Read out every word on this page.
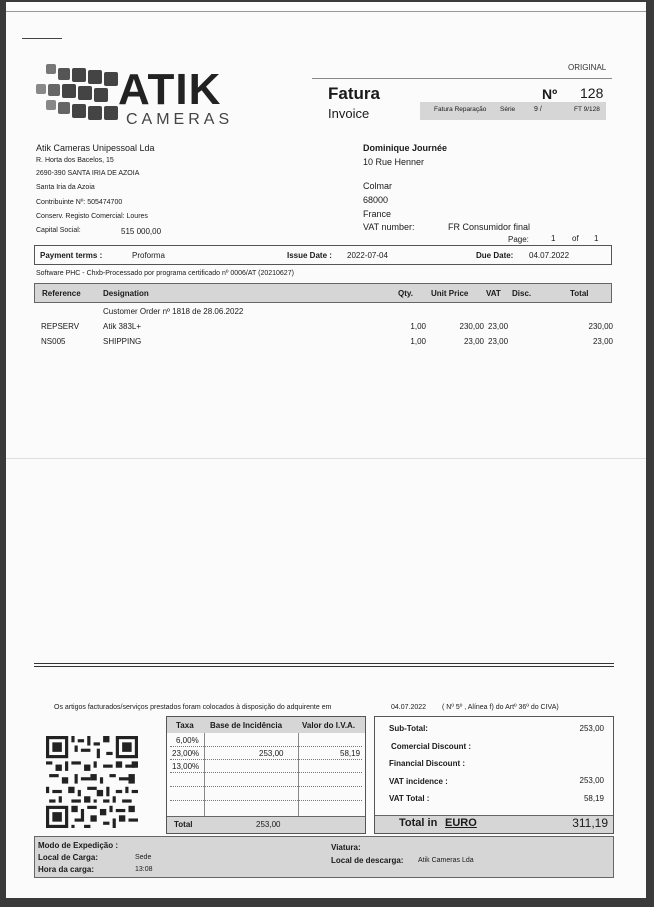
ATIK
CAMERAS
ORIGINAL
Fatura
Invoice
Nº 128
Fatura Reparação Série	9 /	FT 9/128
Atik Cameras Unipessoal Lda
R. Horta dos Bacelos, 15
2690-390 SANTA IRIA DE AZOIA
Santa Iria da Azoia
Contribuinte Nº: 505474700
Conserv. Registo Comercial: Loures
Capital Social:	515 000,00
Dominique Journée
10 Rue Henner
Colmar
68000
France
VAT number:	FR Consumidor final
Page:	1 of 1
Payment terms :	Proforma	Issue Date : 2022-07-04	Due Date: 04.07.2022
Software PHC - Chxb-Processado por programa certificado nº 0006/AT (20210627)
Reference	Designation	Qty. Unit Price VAT Disc.	Total
Customer Order nº 1818 de 28.06.2022
REPSERV	Atik 383L+	1,00	230,00 23,00	230,00
NS005	SHIPPING	1,00	23,00 23,00	23,00
Os artigos facturados/serviços prestados foram colocados à disposição do adquirente em	04.07.2022 ( Nº 5º , Alínea f) do Artº 36º do CIVA)
Taxa Base de Incidência Valor do I.V.A.
6,00%
23,00%	253,00	58,19
13,00%
Total	253,00
Sub-Total:	253,00
Comercial Discount :
Financial Discount :
VAT incidence :	253,00
VAT Total :	58,19
Total in EURO	311,19
Modo de Expedição :
Local de Carga:	Sede
Hora da carga:	13:08
Viatura:
Local de descarga: Atik Cameras Lda
